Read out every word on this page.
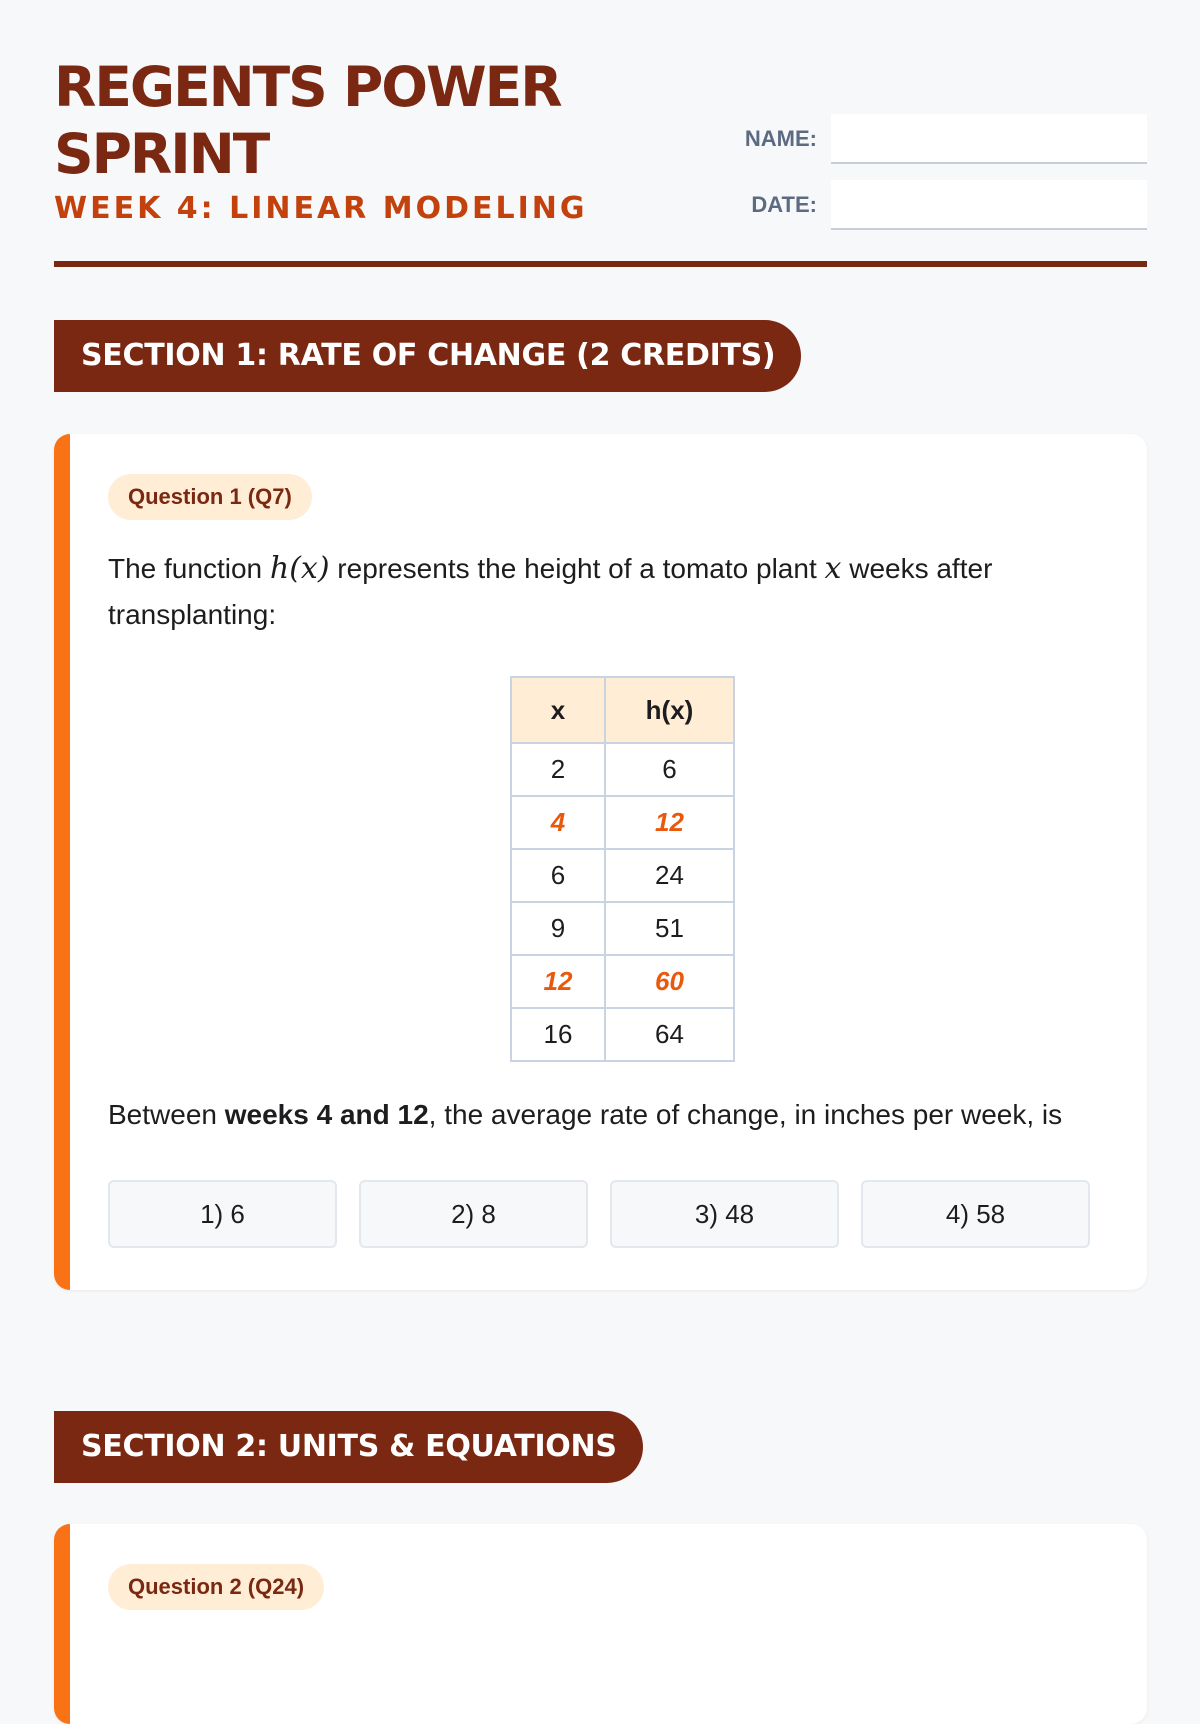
REGENTS POWER
SPRINT
WEEK 4: LINEAR MODELING
NAME:
DATE:
SECTION 1: RATE OF CHANGE (2 CREDITS)
Question 1 (Q7)
The function h(x) represents the height of a tomato plant x weeks after transplanting:
x	h(x)
2	6
4	12
6	24
9	51
12	60
16	64
Between weeks 4 and 12, the average rate of change, in inches per week, is
1) 6	2) 8	3) 48	4) 58
SECTION 2: UNITS & EQUATIONS
Question 2 (Q24)
